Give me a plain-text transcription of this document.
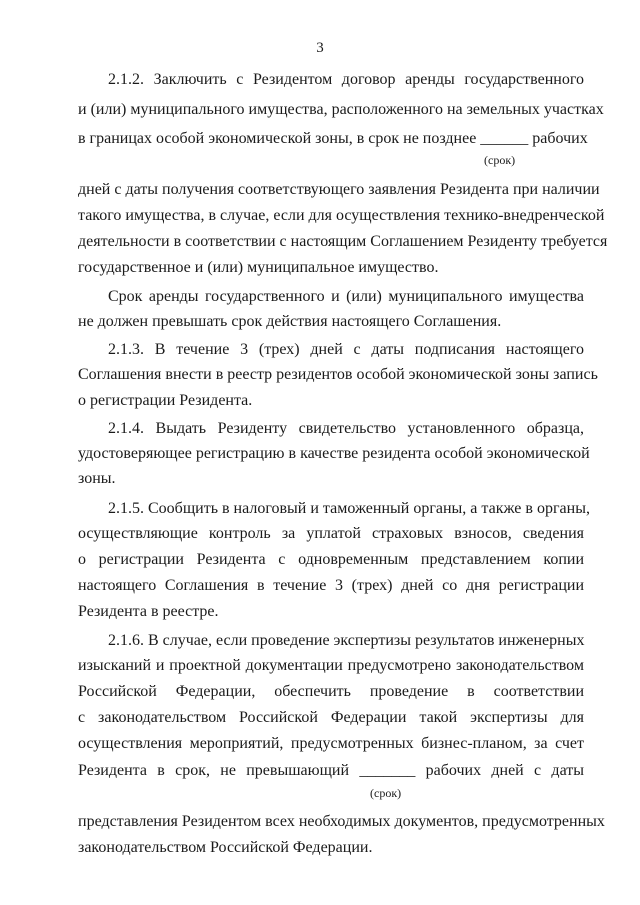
3
2.1.2. Заключить с Резидентом договор аренды государственного
и (или) муниципального имущества, расположенного на земельных участках
в границах особой экономической зоны, в срок не позднее ______ рабочих
(срок)
дней с даты получения соответствующего заявления Резидента при наличии
такого имущества, в случае, если для осуществления технико-внедренческой
деятельности в соответствии с настоящим Соглашением Резиденту требуется
государственное и (или) муниципальное имущество.
Срок аренды государственного и (или) муниципального имущества
не должен превышать срок действия настоящего Соглашения.
2.1.3. В течение 3 (трех) дней с даты подписания настоящего
Соглашения внести в реестр резидентов особой экономической зоны запись
о регистрации Резидента.
2.1.4. Выдать Резиденту свидетельство установленного образца,
удостоверяющее регистрацию в качестве резидента особой экономической
зоны.
2.1.5. Сообщить в налоговый и таможенный органы, а также в органы,
осуществляющие контроль за уплатой страховых взносов, сведения
о регистрации Резидента с одновременным представлением копии
настоящего Соглашения в течение 3 (трех) дней со дня регистрации
Резидента в реестре.
2.1.6. В случае, если проведение экспертизы результатов инженерных
изысканий и проектной документации предусмотрено законодательством
Российской Федерации, обеспечить проведение в соответствии
с законодательством Российской Федерации такой экспертизы для
осуществления мероприятий, предусмотренных бизнес-планом, за счет
Резидента в срок, не превышающий _______ рабочих дней с даты
(срок)
представления Резидентом всех необходимых документов, предусмотренных
законодательством Российской Федерации.
